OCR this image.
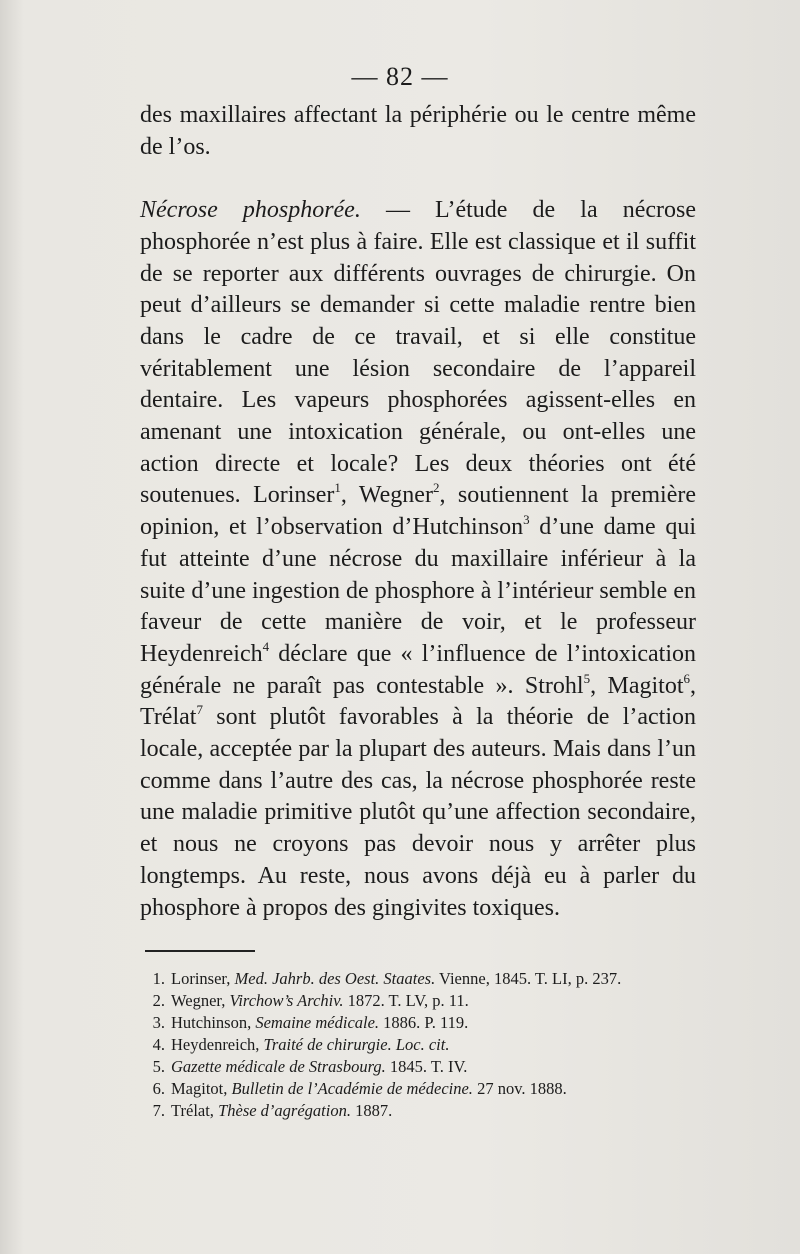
— 82 —

des maxillaires affectant la périphérie ou le centre même de l’os.

Nécrose phosphorée. — L’étude de la nécrose phosphorée n’est plus à faire. Elle est classique et il suffit de se reporter aux différents ouvrages de chirurgie. On peut d’ailleurs se demander si cette maladie rentre bien dans le cadre de ce travail, et si elle constitue véritablement une lésion secondaire de l’appareil dentaire. Les vapeurs phosphorées agissent-elles en amenant une intoxication générale, ou ont-elles une action directe et locale? Les deux théories ont été soutenues. Lorinser$^1$, Wegner$^2$, soutiennent la première opinion, et l’observation d’Hutchinson$^3$ d’une dame qui fut atteinte d’une nécrose du maxillaire inférieur à la suite d’une ingestion de phosphore à l’intérieur semble en faveur de cette manière de voir, et le professeur Heydenreich$^4$ déclare que « l’influence de l’intoxication générale ne paraît pas contestable ». Strohl$^5$, Magitot$^6$, Trélat$^7$ sont plutôt favorables à la théorie de l’action locale, acceptée par la plupart des auteurs. Mais dans l’un comme dans l’autre des cas, la nécrose phosphorée reste une maladie primitive plutôt qu’une affection secondaire, et nous ne croyons pas devoir nous y arrêter plus longtemps. Au reste, nous avons déjà eu à parler du phosphore à propos des gingivites toxiques.

1. Lorinser, Med. Jahrb. des Oest. Staates. Vienne, 1845. T. LI, p. 237.
2. Wegner, Virchow’s Archiv. 1872. T. LV, p. 11.
3. Hutchinson, Semaine médicale. 1886. P. 119.
4. Heydenreich, Traité de chirurgie. Loc. cit.
5. Gazette médicale de Strasbourg. 1845. T. IV.
6. Magitot, Bulletin de l’Académie de médecine. 27 nov. 1888.
7. Trélat, Thèse d’agrégation. 1887.
